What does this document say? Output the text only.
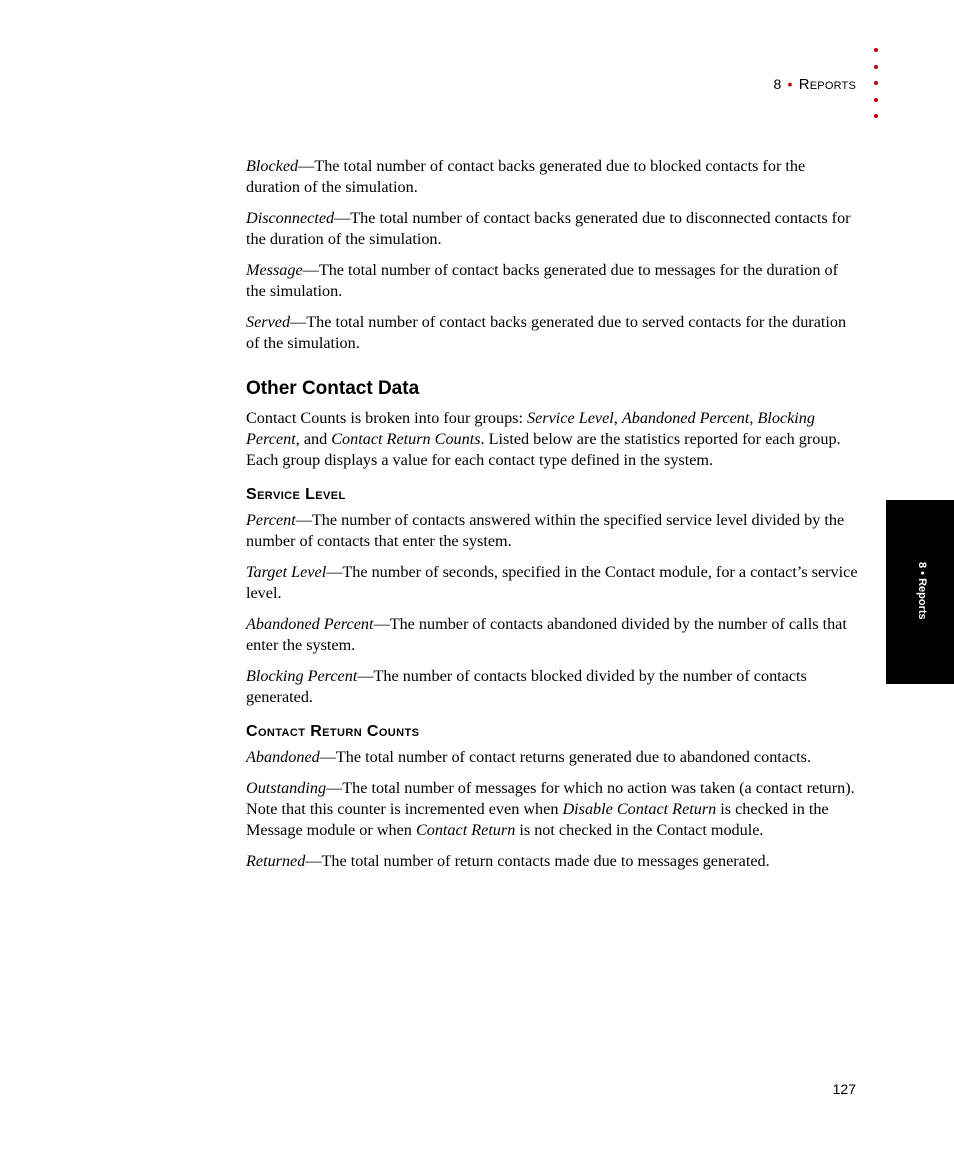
8 • Reports
8 • Reports

Blocked—The total number of contact backs generated due to blocked contacts for the duration of the simulation.

Disconnected—The total number of contact backs generated due to disconnected contacts for the duration of the simulation.

Message—The total number of contact backs generated due to messages for the duration of the simulation.

Served—The total number of contact backs generated due to served contacts for the duration of the simulation.

Other Contact Data

Contact Counts is broken into four groups: Service Level, Abandoned Percent, Blocking Percent, and Contact Return Counts. Listed below are the statistics reported for each group. Each group displays a value for each contact type defined in the system.

Service Level

Percent—The number of contacts answered within the specified service level divided by the number of contacts that enter the system.

Target Level—The number of seconds, specified in the Contact module, for a contact’s service level.

Abandoned Percent—The number of contacts abandoned divided by the number of calls that enter the system.

Blocking Percent—The number of contacts blocked divided by the number of contacts generated.

Contact Return Counts

Abandoned—The total number of contact returns generated due to abandoned contacts.

Outstanding—The total number of messages for which no action was taken (a contact return). Note that this counter is incremented even when Disable Contact Return is checked in the Message module or when Contact Return is not checked in the Contact module.

Returned—The total number of return contacts made due to messages generated.

127
